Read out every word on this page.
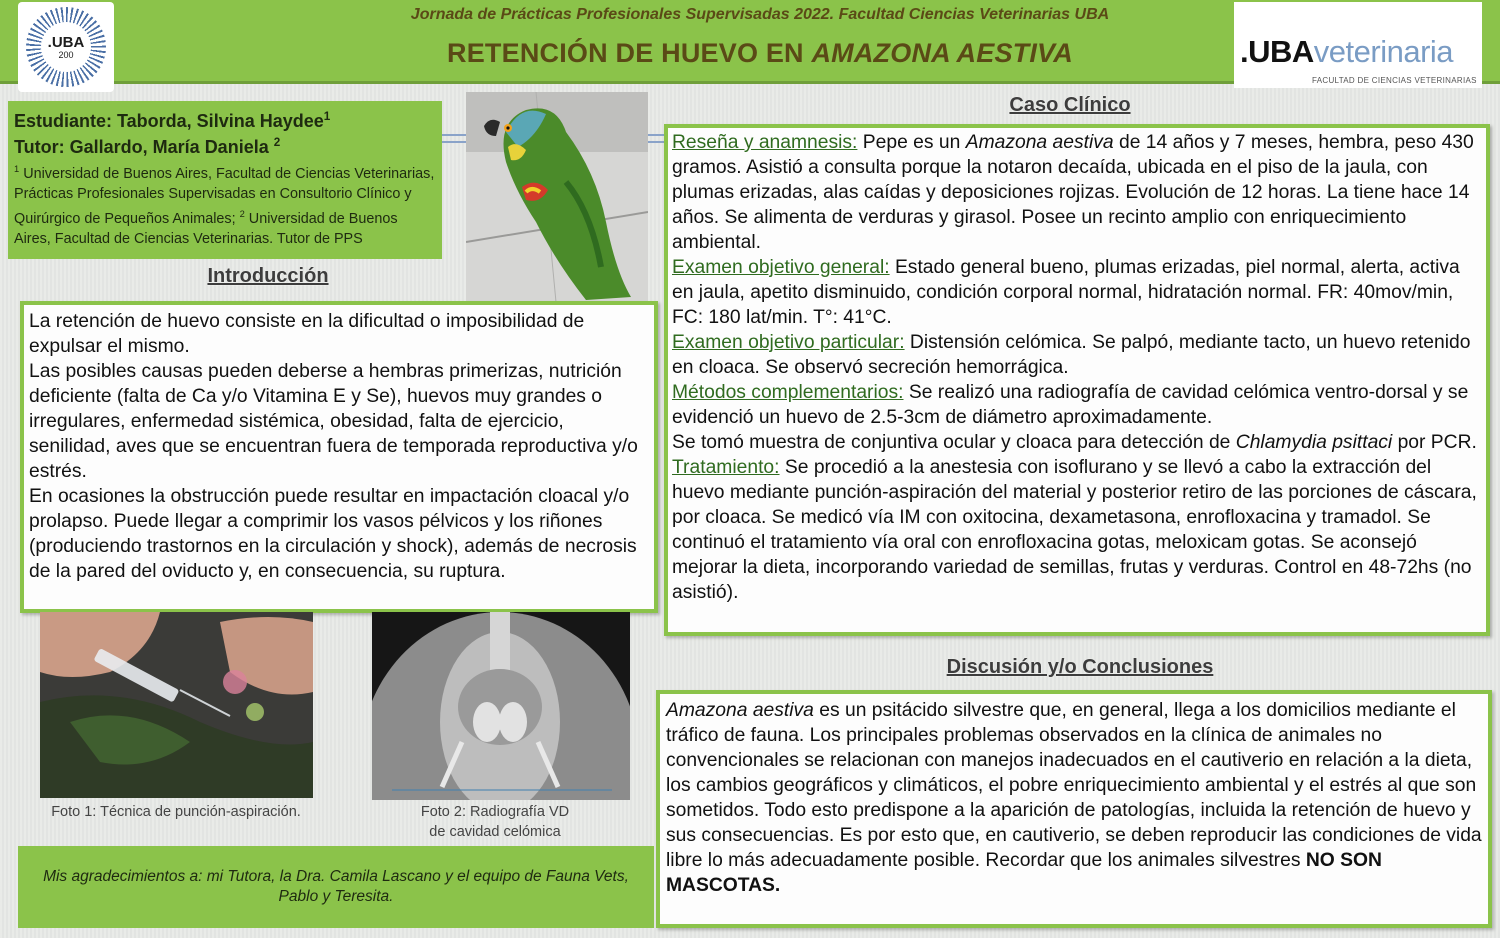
.UBA
200
Jornada de Prácticas Profesionales Supervisadas 2022. Facultad Ciencias Veterinarias UBA
RETENCIÓN DE HUEVO EN AMAZONA AESTIVA	.UBAveterinaria
FACULTAD DE CIENCIAS VETERINARIAS
Estudiante: Taborda, Silvina Haydee$^1$
Tutor: Gallardo, María Daniela $^2$
$^1$ Universidad de Buenos Aires, Facultad de Ciencias Veterinarias, Prácticas Profesionales Supervisadas en Consultorio Clínico y Quirúrgico de Pequeños Animales; $^2$ Universidad de Buenos Aires, Facultad de Ciencias Veterinarias. Tutor de PPS
Introducción
La retención de huevo consiste en la dificultad o imposibilidad de expulsar el mismo.
Las posibles causas pueden deberse a hembras primerizas, nutrición deficiente (falta de Ca y/o Vitamina E y Se), huevos muy grandes o irregulares, enfermedad sistémica, obesidad, falta de ejercicio, senilidad, aves que se encuentran fuera de temporada reproductiva y/o estrés.
En ocasiones la obstrucción puede resultar en impactación cloacal y/o prolapso. Puede llegar a comprimir los vasos pélvicos y los riñones (produciendo trastornos en la circulación y shock), además de necrosis de la pared del oviducto y, en consecuencia, su ruptura.
Foto 1: Técnica de punción-aspiración.	Foto 2: Radiografía VD
de cavidad celómica
Caso Clínico
Reseña y anamnesis: Pepe es un Amazona aestiva de 14 años y 7 meses, hembra, peso 430 gramos. Asistió a consulta porque la notaron decaída, ubicada en el piso de la jaula, con plumas erizadas, alas caídas y deposiciones rojizas. Evolución de 12 horas. La tiene hace 14 años. Se alimenta de verduras y girasol. Posee un recinto amplio con enriquecimiento ambiental.
Examen objetivo general: Estado general bueno, plumas erizadas, piel normal, alerta, activa en jaula, apetito disminuido, condición corporal normal, hidratación normal. FR: 40mov/min, FC: 180 lat/min. T°: 41°C.
Examen objetivo particular: Distensión celómica. Se palpó, mediante tacto, un huevo retenido en cloaca. Se observó secreción hemorrágica.
Métodos complementarios: Se realizó una radiografía de cavidad celómica ventro-dorsal y se evidenció un huevo de 2.5-3cm de diámetro aproximadamente.
Se tomó muestra de conjuntiva ocular y cloaca para detección de Chlamydia psittaci por PCR.
Tratamiento: Se procedió a la anestesia con isoflurano y se llevó a cabo la extracción del huevo mediante punción-aspiración del material y posterior retiro de las porciones de cáscara, por cloaca. Se medicó vía IM con oxitocina, dexametasona, enrofloxacina y tramadol. Se continuó el tratamiento vía oral con enrofloxacina gotas, meloxicam gotas. Se aconsejó mejorar la dieta, incorporando variedad de semillas, frutas y verduras. Control en 48-72hs (no asistió).
Discusión y/o Conclusiones
Amazona aestiva es un psitácido silvestre que, en general, llega a los domicilios mediante el tráfico de fauna. Los principales problemas observados en la clínica de animales no convencionales se relacionan con manejos inadecuados en el cautiverio en relación a la dieta, los cambios geográficos y climáticos, el pobre enriquecimiento ambiental y el estrés al que son sometidos. Todo esto predispone a la aparición de patologías, incluida la retención de huevo y sus consecuencias. Es por esto que, en cautiverio, se deben reproducir las condiciones de vida libre lo más adecuadamente posible. Recordar que los animales silvestres NO SON MASCOTAS.
Mis agradecimientos a: mi Tutora, la Dra. Camila Lascano y el equipo de Fauna Vets, Pablo y Teresita.
